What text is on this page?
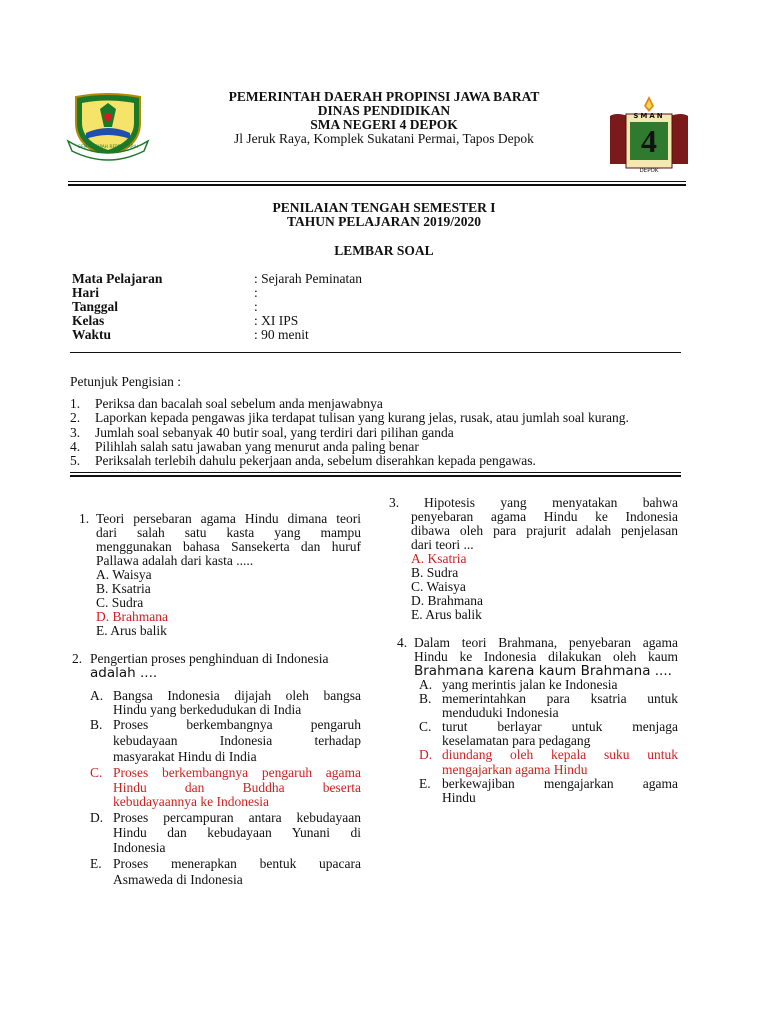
GEMAH RIPAH REPEH RAPIH
PEMERINTAH DAERAH PROPINSI JAWA BARAT
DINAS PENDIDIKAN
SMA NEGERI 4 DEPOK
Jl Jeruk Raya, Komplek Sukatani Permai, Tapos Depok
SMAN
4
DEPOK
PENILAIAN TENGAH SEMESTER I
TAHUN PELAJARAN 2019/2020
LEMBAR SOAL
Mata Pelajaran	: Sejarah Peminatan
Hari	:
Tanggal	:
Kelas	: XI IPS
Waktu	: 90 menit
Petunjuk Pengisian :
1. Periksa dan bacalah soal sebelum anda menjawabnya
2. Laporkan kepada pengawas jika terdapat tulisan yang kurang jelas, rusak, atau jumlah soal kurang.
3. Jumlah soal sebanyak 40 butir soal, yang terdiri dari pilihan ganda
4. Pilihlah salah satu jawaban yang menurut anda paling benar
5. Periksalah terlebih dahulu pekerjaan anda, sebelum diserahkan kepada pengawas.
1. Teori persebaran agama Hindu dimana teori
dari salah satu kasta yang mampu
menggunakan bahasa Sansekerta dan huruf
Pallawa adalah dari kasta .....
A. Waisya
B. Ksatria
C. Sudra
D. Brahmana
E. Arus balik
2. Pengertian proses penghinduan di Indonesia
adalah ....
A. Bangsa Indonesia dijajah oleh bangsa
Hindu yang berkedudukan di India
B. Proses berkembangnya pengaruh
kebudayaan Indonesia terhadap
masyarakat Hindu di India
C. Proses berkembangnya pengaruh agama
Hindu dan Buddha beserta
kebudayaannya ke Indonesia
D. Proses percampuran antara kebudayaan
Hindu dan kebudayaan Yunani di
Indonesia
E. Proses menerapkan bentuk upacara
Asmaweda di Indonesia
3. Hipotesis yang menyatakan bahwa
penyebaran agama Hindu ke Indonesia
dibawa oleh para prajurit adalah penjelasan
dari teori ...
A. Ksatria
B. Sudra
C. Waisya
D. Brahmana
E. Arus balik
4. Dalam teori Brahmana, penyebaran agama
Hindu ke Indonesia dilakukan oleh kaum
Brahmana karena kaum Brahmana ....
A. yang merintis jalan ke Indonesia
B. memerintahkan para ksatria untuk
menduduki Indonesia
C. turut berlayar untuk menjaga
keselamatan para pedagang
D. diundang oleh kepala suku untuk
mengajarkan agama Hindu
E. berkewajiban mengajarkan agama
Hindu
